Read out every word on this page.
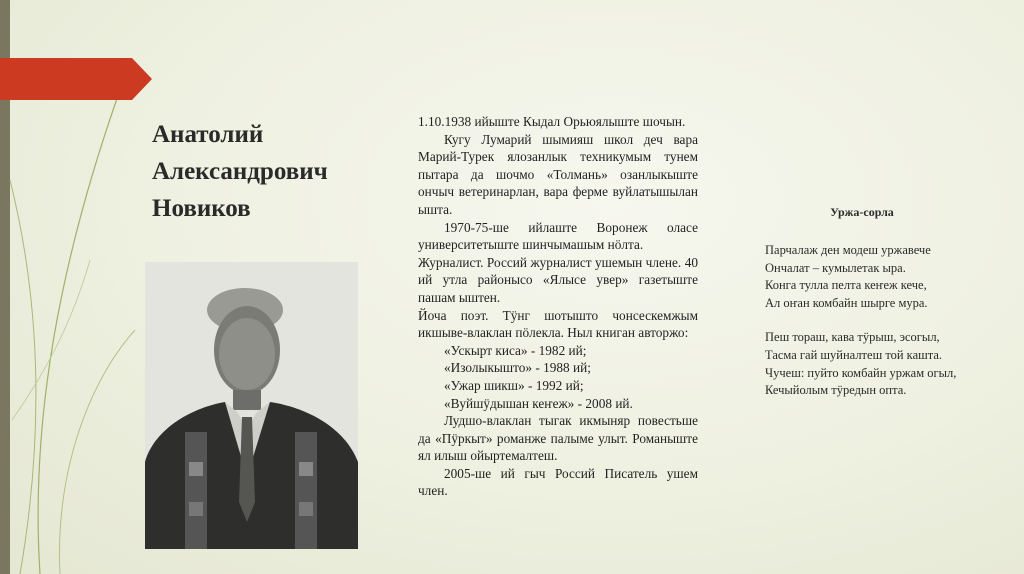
Анатолий
Александрович
Новиков

1.10.1938 ийыште Кыдал Орьюялыште шочын.

Кугу Лумарий шымияш школ деч вара Марий-Турек ялозанлык техникумым тунем пытара да шочмо «Толмань» озанлыкыште ончыч ветеринарлан, вара ферме вуйлатышылан ышта.

1970-75-ше ийлаште Воронеж оласе университетыште шинчымашым нöлта.

Журналист. Россий журналист ушемын члене. 40 ий утла районысо «Ялысе увер» газетыште пашам ыштен.

Йоча поэт. Тӱнг шотышто чонсескемжым икшыве-влаклан пӧлекла. Ныл книган авторжо:

«Ускырт киса» - 1982 ий;

«Изолыкышто» - 1988 ий;

«Ужар шикш» - 1992 ий;

«Вуйшӱдышан кеҥеж» - 2008 ий.

Лудшо-влаклан тыгак икмыняр повестьше да «Пӱркыт» романже палыме улыт. Романыште ял илыш ойыртемалтеш.

2005-ше ий гыч Россий Писатель ушем член.

Уржа-сорла
Парчалаж ден модеш уржавече
Ончалат – кумылетак ыра.
Конга тулла пелта кеҥеж кече,
Ал оҥан комбайн шырге мура.
Пеш тораш, кава тӱрыш, эсогыл,
Тасма гай шуйналтеш той кашта.
Чучеш: пуйто комбайн уржам огыл,
Кечыйолым тӱредын опта.
